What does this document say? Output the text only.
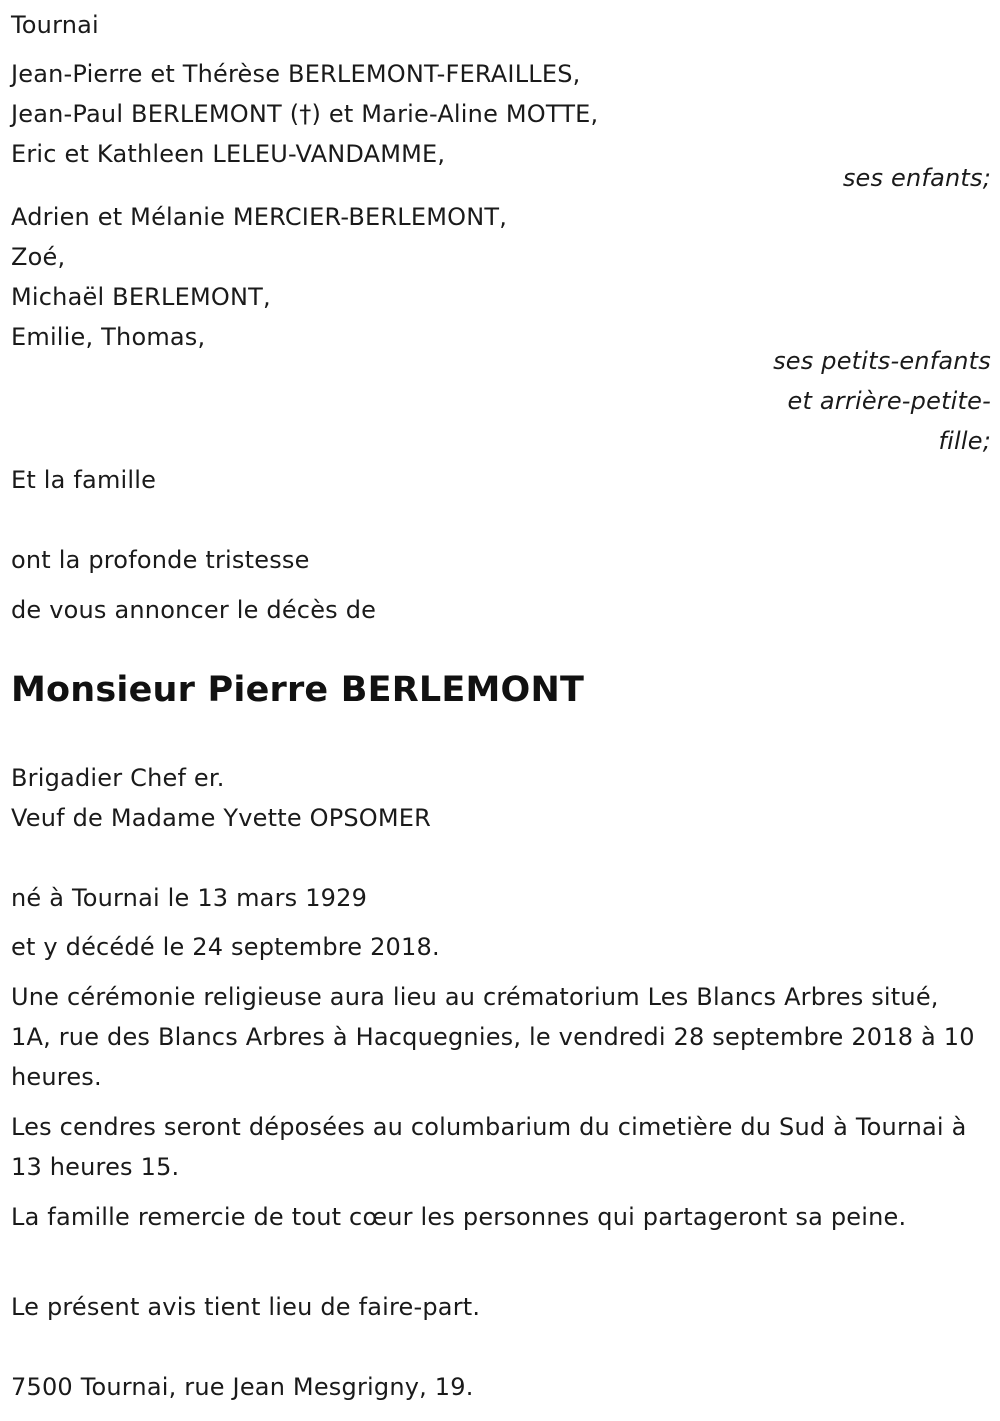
Tournai
Jean-Pierre et Thérèse BERLEMONT-FERAILLES,
Jean-Paul BERLEMONT (†) et Marie-Aline MOTTE,
Eric et Kathleen LELEU-VANDAMME,
ses enfants;
Adrien et Mélanie MERCIER-BERLEMONT,
Zoé,
Michaël BERLEMONT,
Emilie, Thomas,
ses petits-enfants
et arrière-petite-
fille;
Et la famille
ont la profonde tristesse
de vous annoncer le décès de
Monsieur Pierre BERLEMONT
Brigadier Chef er.
Veuf de Madame Yvette OPSOMER
né à Tournai le 13 mars 1929
et y décédé le 24 septembre 2018.
Une cérémonie religieuse aura lieu au crématorium Les Blancs Arbres situé, 1A, rue des Blancs Arbres à Hacquegnies, le vendredi 28 septembre 2018 à 10 heures.
Les cendres seront déposées au columbarium du cimetière du Sud à Tournai à 13 heures 15.
La famille remercie de tout cœur les personnes qui partageront sa peine.
Le présent avis tient lieu de faire-part.
7500 Tournai, rue Jean Mesgrigny, 19.
